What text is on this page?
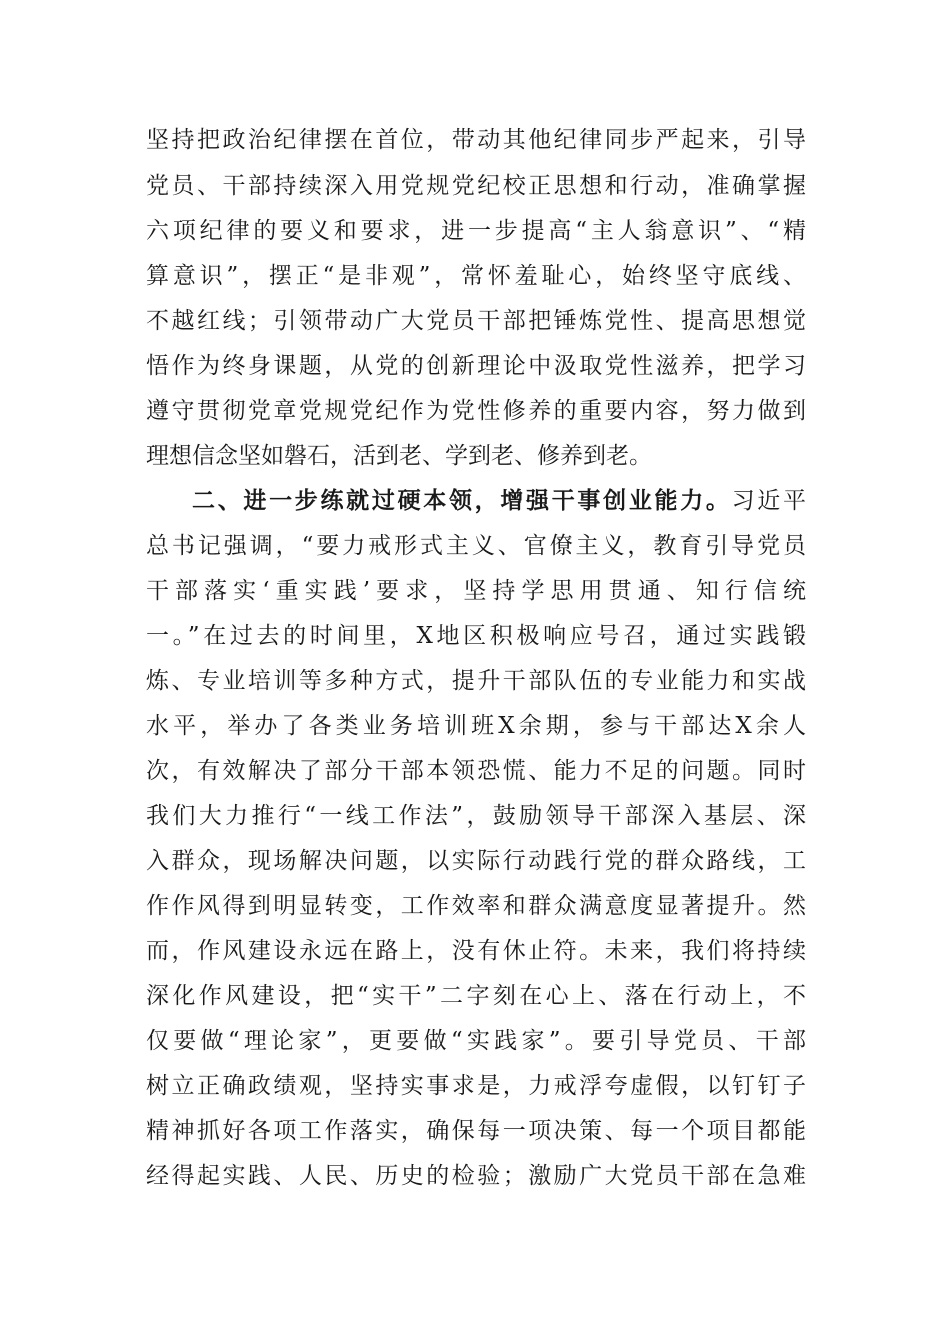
坚持把政治纪律摆在首位，带动其他纪律同步严起来，引导
党员、干部持续深入用党规党纪校正思想和行动，准确掌握
六项纪律的要义和要求，进一步提高“主人翁意识”、“精
算意识”，摆正“是非观”，常怀羞耻心，始终坚守底线、
不越红线；引领带动广大党员干部把锤炼党性、提高思想觉
悟作为终身课题，从党的创新理论中汲取党性滋养，把学习
遵守贯彻党章党规党纪作为党性修养的重要内容，努力做到
理想信念坚如磐石，活到老、学到老、修养到老。
二、进一步练就过硬本领，增强干事创业能力。习近平
总书记强调，“要力戒形式主义、官僚主义，教育引导党员
干部落实‘重实践’要求，坚持学思用贯通、知行信统
一。”在过去的时间里，X地区积极响应号召，通过实践锻
炼、专业培训等多种方式，提升干部队伍的专业能力和实战
水平，举办了各类业务培训班X余期，参与干部达X余人
次，有效解决了部分干部本领恐慌、能力不足的问题。同时
我们大力推行“一线工作法”，鼓励领导干部深入基层、深
入群众，现场解决问题，以实际行动践行党的群众路线，工
作作风得到明显转变，工作效率和群众满意度显著提升。然
而，作风建设永远在路上，没有休止符。未来，我们将持续
深化作风建设，把“实干”二字刻在心上、落在行动上，不
仅要做“理论家”，更要做“实践家”。要引导党员、干部
树立正确政绩观，坚持实事求是，力戒浮夸虚假，以钉钉子
精神抓好各项工作落实，确保每一项决策、每一个项目都能
经得起实践、人民、历史的检验；激励广大党员干部在急难
